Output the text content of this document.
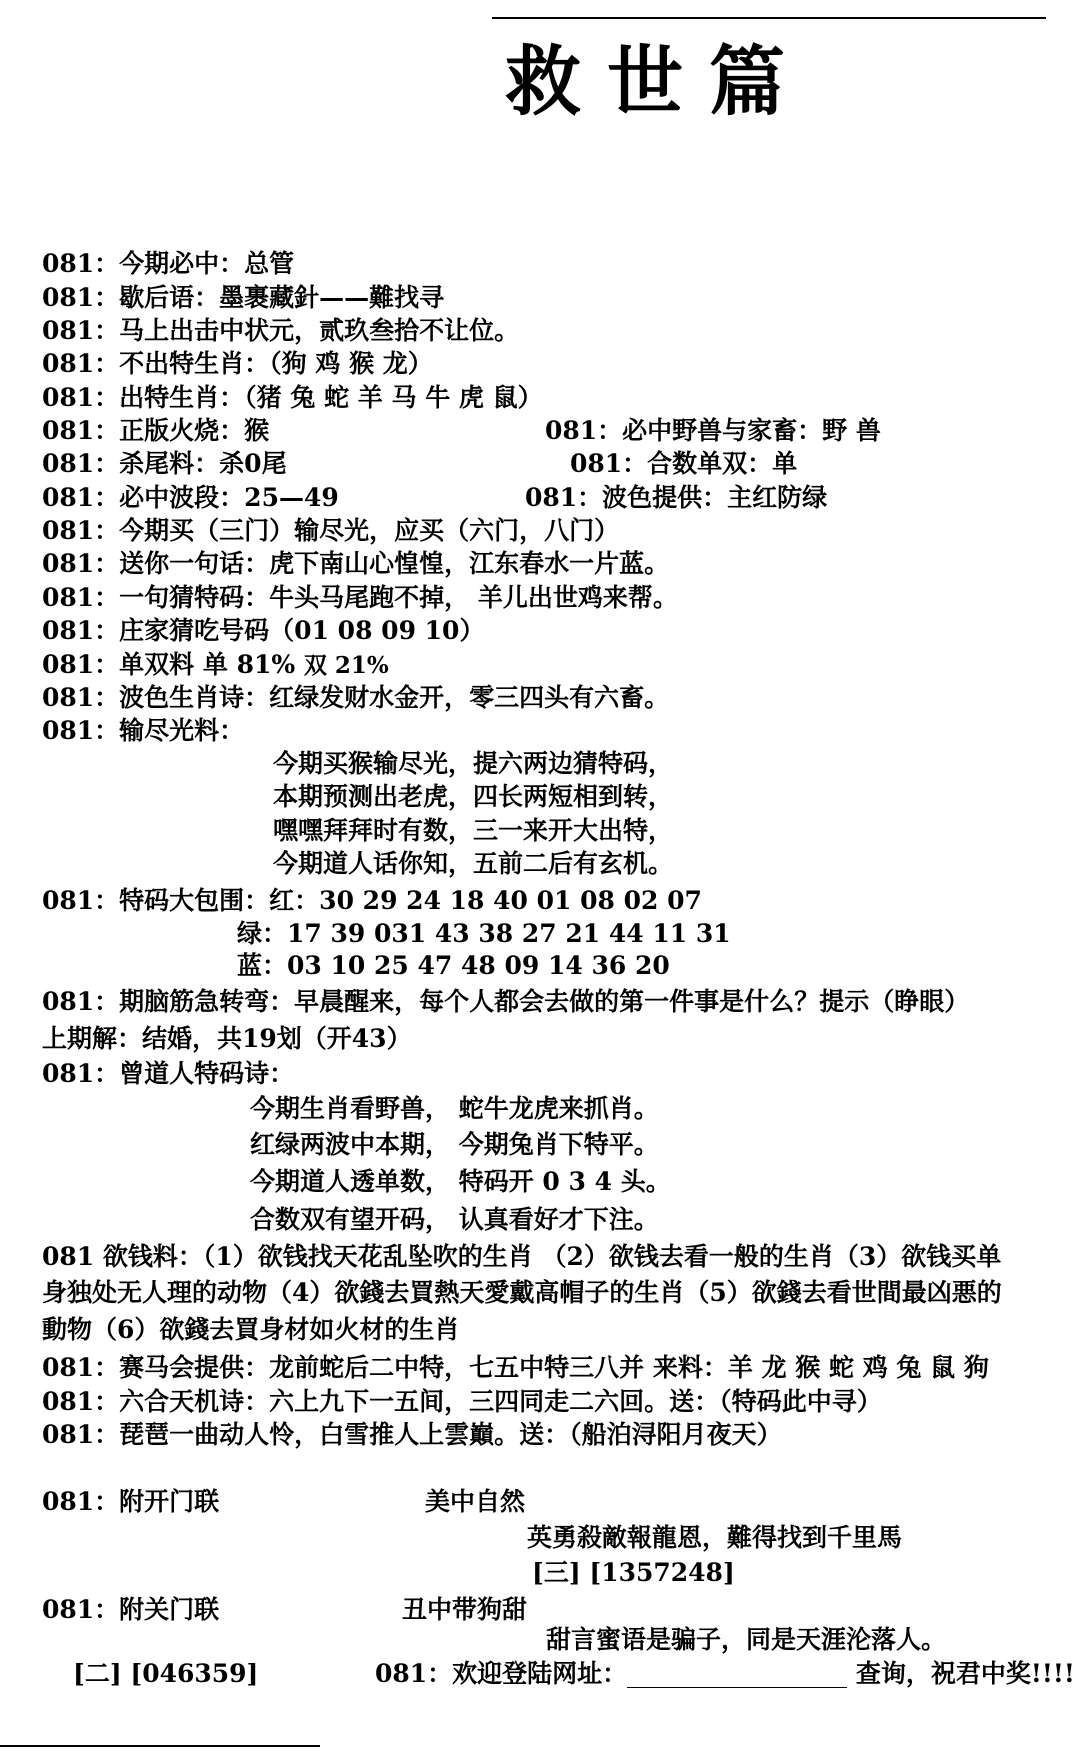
救世篇
081：今期必中：总管
081：歇后语：墨裹藏針——難找寻
081：马上出击中状元，贰玖叁拾不让位。
081：不出特生肖：（狗 鸡 猴 龙）
081：出特生肖：（猪 兔 蛇 羊 马 牛 虎 鼠）
081：正版火烧：猴	081：必中野兽与家畜：野 兽
081：杀尾料：杀0尾	081：合数单双：单
081：必中波段：25—49	081：波色提供：主红防绿
081：今期买（三门）输尽光，应买（六门，八门）
081：送你一句话：虎下南山心惶惶，江东春水一片蓝。
081：一句猜特码：牛头马尾跑不掉， 羊儿出世鸡来帮。
081：庄家猜吃号码（01 08 09 10）
081：单双料 单 81% 双 21%
081：波色生肖诗：红绿发财水金开，零三四头有六畜。
081：输尽光料：
今期买猴输尽光，提六两边猜特码，
本期预测出老虎，四长两短相到转，
嘿嘿拜拜时有数，三一来开大出特，
今期道人话你知，五前二后有玄机。
081：特码大包围：红：30 29 24 18 40 01 08 02 07
绿：17 39 031 43 38 27 21 44 11 31
蓝：03 10 25 47 48 09 14 36 20
081：期脑筋急转弯：早晨醒来，每个人都会去做的第一件事是什么？提示（睁眼）
上期解：结婚，共19划（开43）
081：曾道人特码诗：
今期生肖看野兽， 蛇牛龙虎来抓肖。
红绿两波中本期， 今期兔肖下特平。
今期道人透单数， 特码开 0 3 4 头。
合数双有望开码， 认真看好才下注。
081 欲钱料：（1）欲钱找天花乱坠吹的生肖 （2）欲钱去看一般的生肖（3）欲钱买单
身独处无人理的动物（4）欲錢去買熱天愛戴高帽子的生肖（5）欲錢去看世間最凶悪的
動物（6）欲錢去買身材如火材的生肖
081：赛马会提供：龙前蛇后二中特，七五中特三八并 来料：羊 龙 猴 蛇 鸡 兔 鼠 狗
081：六合天机诗：六上九下一五间，三四同走二六回。送：（特码此中寻）
081：琵琶一曲动人怜，白雪推人上雲巔。送：（船泊浔阳月夜天）
081：附开门联	美中自然
英勇殺敵報龍恩，難得找到千里馬
[三] [1357248]
081：附关门联	丑中带狗甜
甜言蜜语是骗子，同是天涯沦落人。
[二] [046359]	081：欢迎登陆网址：	查询，祝君中奖!!!!
